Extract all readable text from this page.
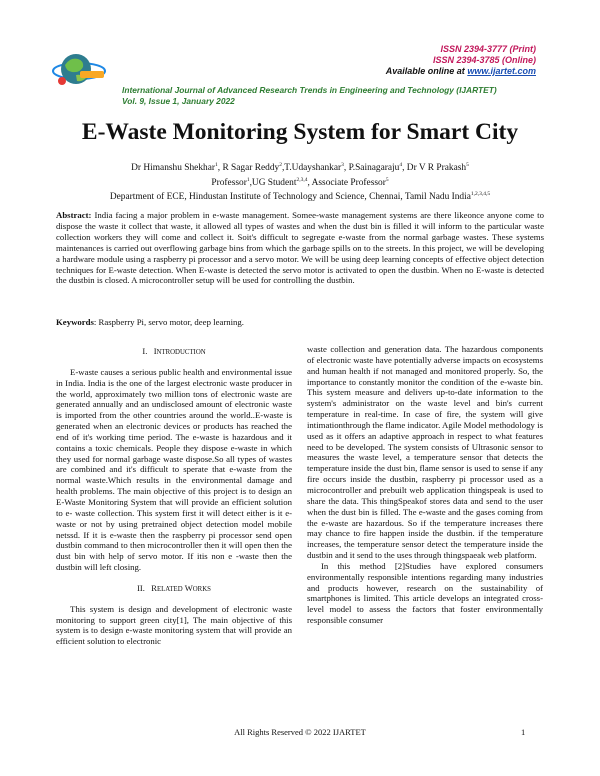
ISSN 2394-3777 (Print)
ISSN 2394-3785 (Online)
Available online at www.ijartet.com
International Journal of Advanced Research Trends in Engineering and Technology (IJARTET)
Vol. 9, Issue 1, January 2022
E-Waste Monitoring System for Smart City
Dr Himanshu Shekhar$^1$, R Sagar Reddy$^2$,T.Udayshankar$^3$, P.Sainagaraju$^4$, Dr V R Prakash$^5$
Professor$^1$,UG Student$^{2,3,4}$, Associate Professor$^5$
Department of ECE, Hindustan Institute of Technology and Science, Chennai, Tamil Nadu India$^{1,2,3,4,5}$
Abstract: India facing a major problem in e-waste management. Somee-waste management systems are there likeonce anyone come to dispose the waste it collect that waste, it allowed all types of wastes and when the dust bin is filled it will inform to the particular waste collection workers they will come and collect it. Soit's difficult to segregate e-waste from the normal garbage wastes. These systems maintenances is carried out overflowing garbage bins from which the garbage spills on to the streets. In this project, we will be developing a hardware module using a raspberry pi processor and a servo motor. We will be using deep learning concepts of effective object detection techniques for E-waste detection. When E-waste is detected the servo motor is activated to open the dustbin. When no E-waste is detected the dustbin is closed. A microcontroller setup will be used for controlling the dustbin.
Keywords: Raspberry Pi, servo motor, deep learning.
I. INTRODUCTION

E-waste causes a serious public health and environmental issue in India. India is the one of the largest electronic waste producer in the world, approximately two million tons of electronic waste are generated annually and an undisclosed amount of electronic waste is imported from the other countries around the world..E-waste is generated when an electronic devices or products has reached the end of it's working time period. The e-waste is hazardous and it contains a toxic chemicals. People they dispose e-waste in which they used for normal garbage waste dispose.So all types of wastes are combined and it's difficult to sperate that e-waste from the normal waste.Which results in the environmental damage and health problems. The main objective of this project is to design an E-Waste Monitoring System that will provide an efficient solution to e- waste collection. This system first it will detect either is it e-waste or not by using pretrained object detection model mobile netssd. If it is e-waste then the raspberry pi processor send open dustbin command to then microcontroller then it will open then the dust bin with help of servo motor. If itis non e -waste then the dustbin will left closing.

II. RELATED WORKS

This system is design and development of electronic waste monitoring to support green city[1], The main objective of this system is to design e-waste monitoring system that will provide an efficient solution to electronic

waste collection and generation data. The hazardous components of electronic waste have potentially adverse impacts on ecosystems and human health if not managed and monitored properly. So, the importance to constantly monitor the condition of the e-waste bin. This system measure and delivers up-to-date information to the system's administrator on the waste level and bin's current temperature in real-time. In case of fire, the system will give intimationthrough the flame indicator. Agile Model methodology is used as it offers an adaptive approach in respect to what features need to be developed. The system consists of Ultrasonic sensor to measures the waste level, a temperature sensor that detects the temperature inside the dust bin, flame sensor is used to sense if any fire occurs inside the dustbin, raspberry pi processor used as a microcontroller and prebuilt web application thingspeak is used to share the data. This thingSpeakof stores data and send to the user when the dust bin is filled. The e-waste and the gases coming from the e-waste are hazardous. So if the temperature increases there may chance to fire happen inside the dustbin. if the temperature increases, the temperature sensor detect the temperature inside the dustbin and it send to the uses through thingspaeak web platform.

In this method [2]Studies have explored consumers environmentally responsible intentions regarding many industries and products however, research on the sustainability of smartphones is limited. This article develops an integrated cross- level model to assess the factors that foster environmentally responsible consumer

All Rights Reserved © 2022 IJARTET	1
